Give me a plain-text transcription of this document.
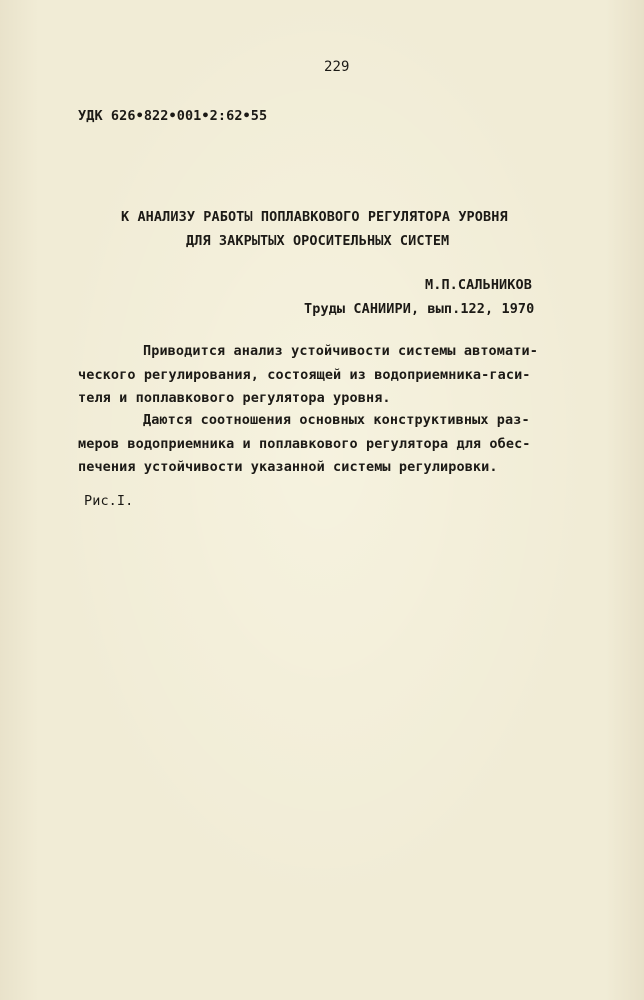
229
УДК 626•822•001•2:62•55
К АНАЛИЗУ РАБОТЫ ПОПЛАВКОВОГО РЕГУЛЯТОРА УРОВНЯ
ДЛЯ ЗАКРЫТЫХ ОРОСИТЕЛЬНЫХ СИСТЕМ
М.П.САЛЬНИКОВ
Труды САНИИРИ, вып.122, 1970
Приводится анализ устойчивости системы автомати-
ческого регулирования, состоящей из водоприемника-гаси-
теля и поплавкового регулятора уровня.
Даются соотношения основных конструктивных раз-
меров водоприемника и поплавкового регулятора для обес-
печения устойчивости указанной системы регулировки.
Рис.I.
